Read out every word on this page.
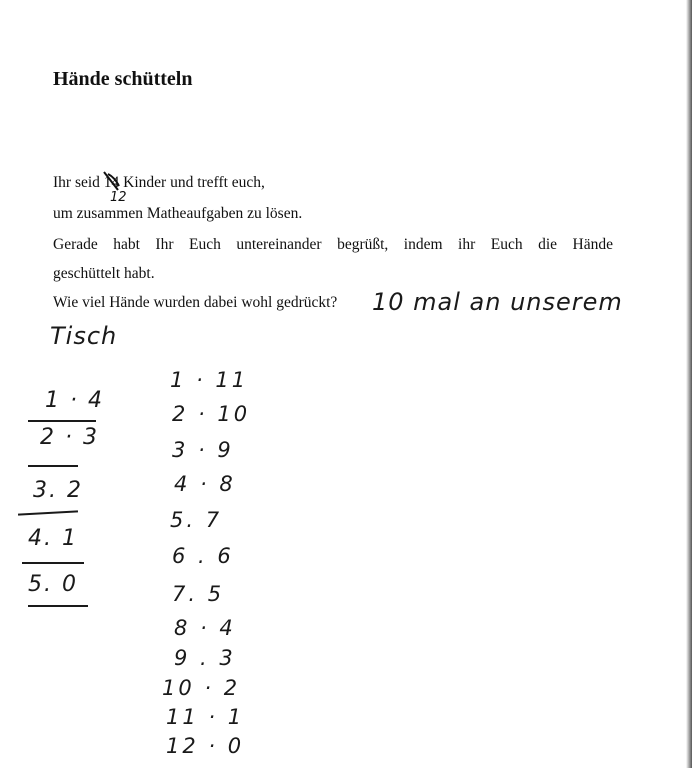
Hände schütteln
Ihr seid 14
Kinder und trefft euch,
12
um zusammen Matheaufgaben zu lösen.
Gerade habt Ihr Euch untereinander begrüßt, indem ihr Euch die Hände
geschüttelt habt.
Wie viel Hände wurden dabei wohl gedrückt? 10 mal an unserem
Tisch
1 · 4
2 · 3
3. 2
4. 1
5. 0
1 · 11
2 · 10
3 · 9
4 · 8
5. 7
6 . 6
7. 5
8 · 4
9 . 3
10 · 2
11 · 1
12 · 0
